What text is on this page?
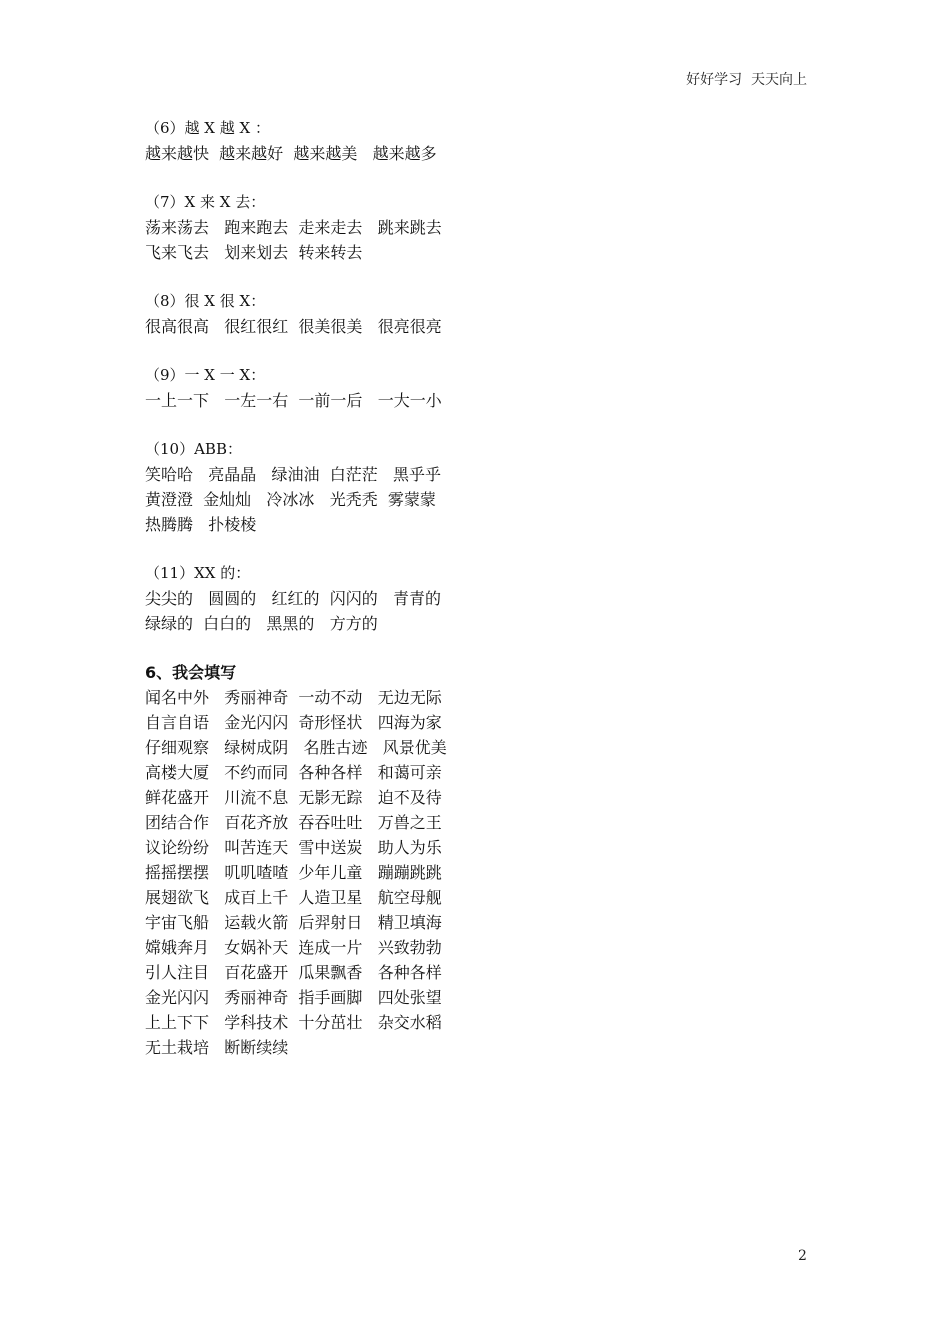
好好学习  天天向上
（6）越 X 越 X ：
越来越快  越来越好  越来越美   越来越多
（7）X 来 X 去：
荡来荡去   跑来跑去  走来走去   跳来跳去
飞来飞去   划来划去  转来转去
（8）很 X 很 X：
很高很高   很红很红  很美很美   很亮很亮
（9）一 X 一 X：
一上一下   一左一右  一前一后   一大一小
（10）ABB：
笑哈哈   亮晶晶   绿油油  白茫茫   黑乎乎
黄澄澄  金灿灿   冷冰冰   光秃秃  雾蒙蒙
热腾腾   扑棱棱
（11）XX 的：
尖尖的   圆圆的   红红的  闪闪的   青青的
绿绿的  白白的   黑黑的   方方的
6、我会填写
闻名中外   秀丽神奇  一动不动   无边无际
自言自语   金光闪闪  奇形怪状   四海为家
仔细观察   绿树成阴   名胜古迹   风景优美
高楼大厦   不约而同  各种各样   和蔼可亲
鲜花盛开   川流不息  无影无踪   迫不及待
团结合作   百花齐放  吞吞吐吐   万兽之王
议论纷纷   叫苦连天  雪中送炭   助人为乐
摇摇摆摆   叽叽喳喳  少年儿童   蹦蹦跳跳
展翅欲飞   成百上千  人造卫星   航空母舰
宇宙飞船   运载火箭  后羿射日   精卫填海
嫦娥奔月   女娲补天  连成一片   兴致勃勃
引人注目   百花盛开  瓜果飘香   各种各样
金光闪闪   秀丽神奇  指手画脚   四处张望
上上下下   学科技术  十分茁壮   杂交水稻
无土栽培   断断续续
2
